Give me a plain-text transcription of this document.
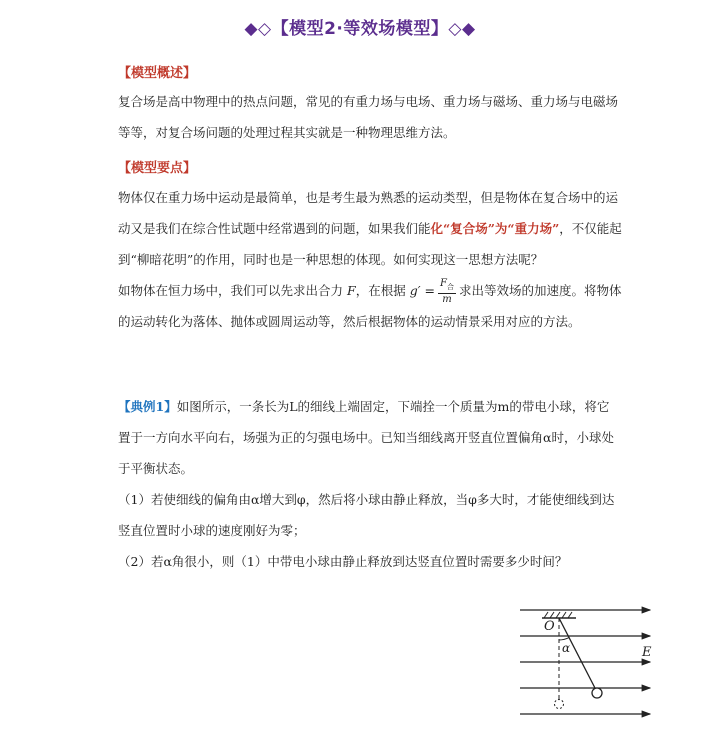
◆◇【模型2·等效场模型】◇◆
【模型概述】
复合场是高中物理中的热点问题，常见的有重力场与电场、重力场与磁场、重力场与电磁场
等等，对复合场问题的处理过程其实就是一种物理思维方法。
【模型要点】
物体仅在重力场中运动是最简单，也是考生最为熟悉的运动类型，但是物体在复合场中的运
动又是我们在综合性试题中经常遇到的问题，如果我们能化“复合场”为“重力场”，不仅能起
到“柳暗花明”的作用，同时也是一种思想的体现。如何实现这一思想方法呢？
如物体在恒力场中，我们可以先求出合力 F，在根据 $g' = \frac{F_合}{m}$ 求出等效场的加速度。将物体
的运动转化为落体、抛体或圆周运动等，然后根据物体的运动情景采用对应的方法。
【典例1】如图所示，一条长为L的细线上端固定，下端拴一个质量为m的带电小球，将它
置于一方向水平向右，场强为正的匀强电场中。已知当细线离开竖直位置偏角α时，小球处
于平衡状态。
（1）若使细线的偏角由α增大到φ，然后将小球由静止释放，当φ多大时，才能使细线到达
竖直位置时小球的速度刚好为零；
（2）若α角很小，则（1）中带电小球由静止释放到达竖直位置时需要多少时间？
O
α	E
